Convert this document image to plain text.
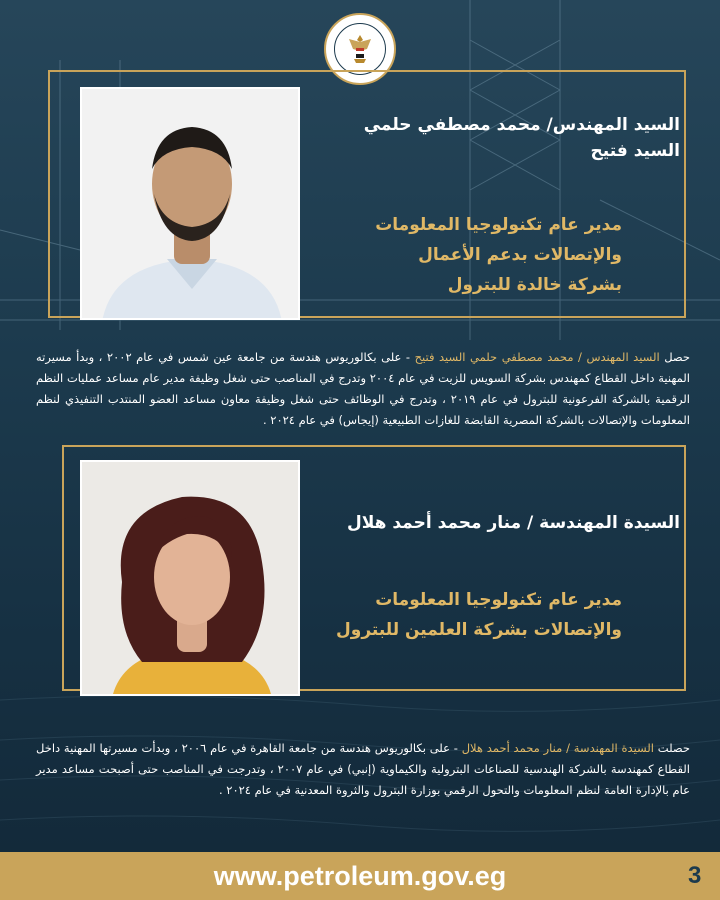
السيد المهندس/ محمد مصطفي حلمي السيد فتيح
مدير عام تكنولوجيا المعلومات
والإتصالات بدعم الأعمال
بشركة خالدة للبترول
حصل السيد المهندس / محمد مصطفي حلمي السيد فتيح - على بكالوريوس هندسة من جامعة عين شمس في عام ٢٠٠٢ ، وبدأ مسيرته المهنية داخل القطاع كمهندس بشركة السويس للزيت في عام ٢٠٠٤ وتدرج في المناصب حتى شغل وظيفة مدير عام مساعد عمليات النظم الرقمية بالشركة الفرعونية للبترول في عام ٢٠١٩ ، وتدرج في الوظائف حتى شغل وظيفة معاون مساعد العضو المنتدب التنفيذي لنظم المعلومات والإتصالات بالشركة المصرية القابضة للغازات الطبيعية (إيجاس) في عام ٢٠٢٤ .
السيدة المهندسة / منار محمد أحمد هلال
مدير عام تكنولوجيا المعلومات
والإتصالات بشركة العلمين للبترول
حصلت السيدة المهندسة / منار محمد أحمد هلال - على بكالوريوس هندسة من جامعة القاهرة في عام ٢٠٠٦ ، وبدأت مسيرتها المهنية داخل القطاع كمهندسة بالشركة الهندسية للصناعات البترولية والكيماوية (إنبي) في عام ٢٠٠٧ ، وتدرجت في المناصب حتى أصبحت مساعد مدير عام بالإدارة العامة لنظم المعلومات والتحول الرقمي بوزارة البترول والثروة المعدنية في عام ٢٠٢٤ .
www.petroleum.gov.eg	3
